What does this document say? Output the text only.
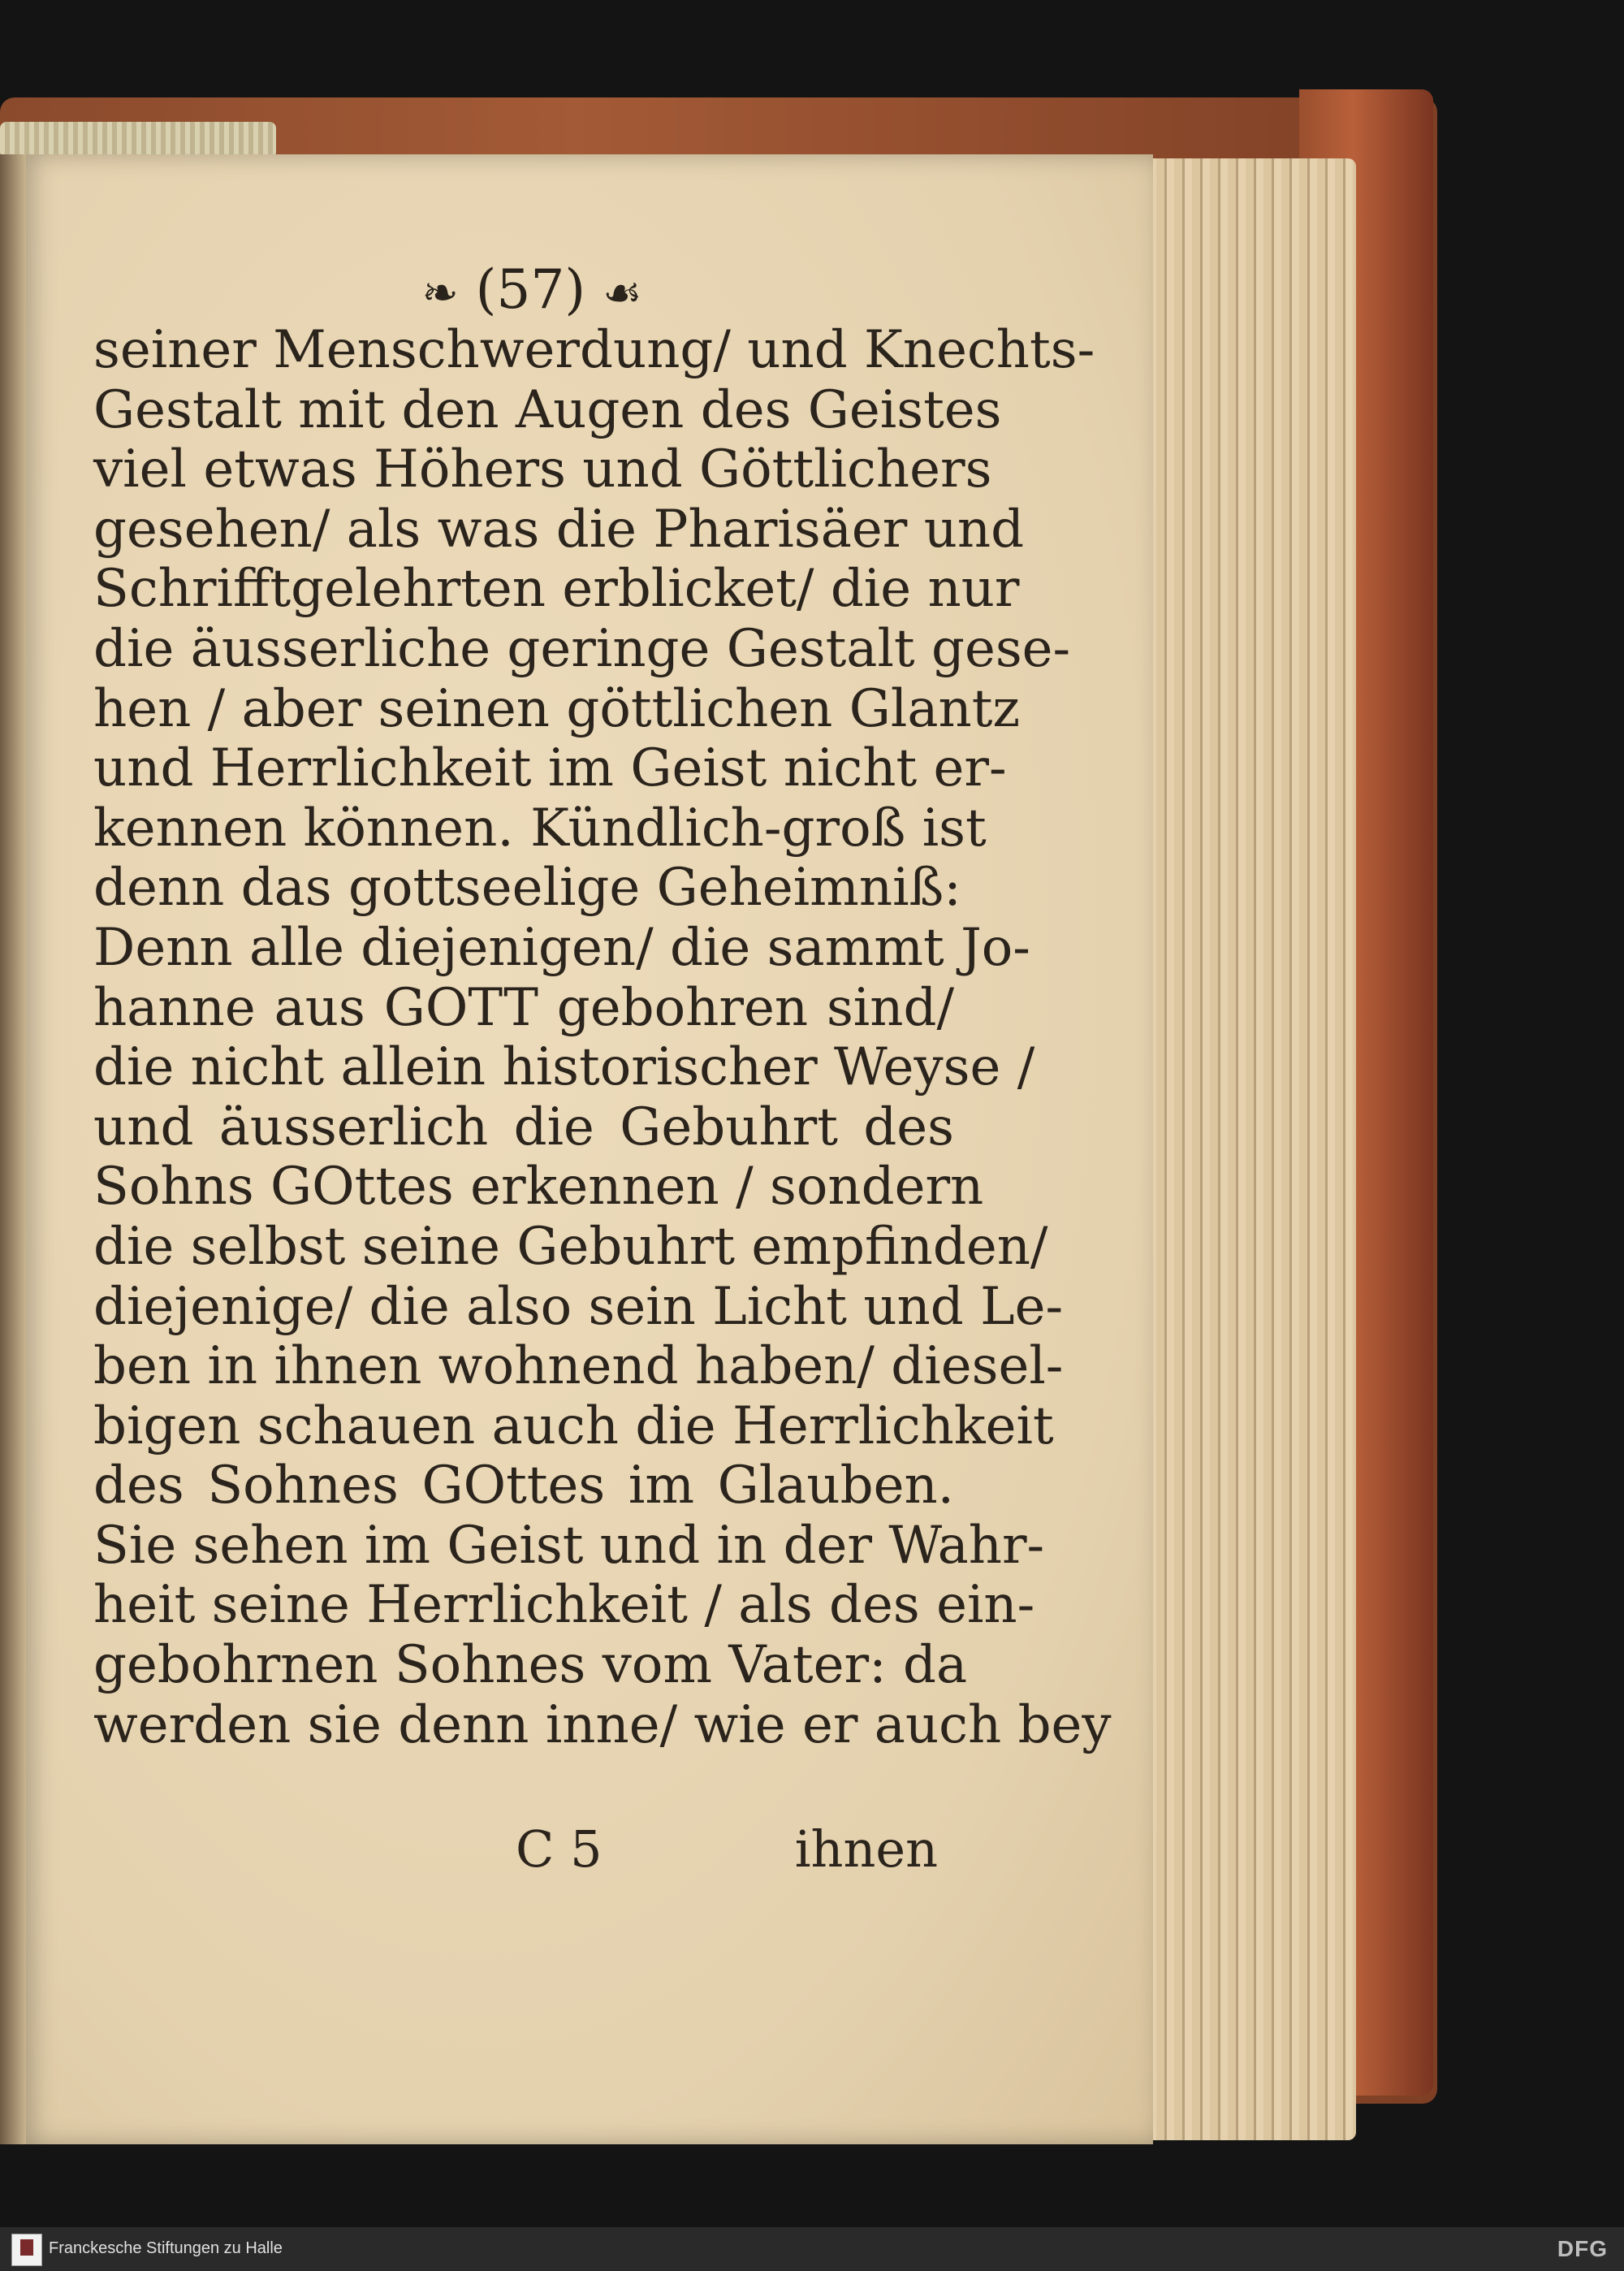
❧ (57) ☙
seiner Menschwerdung/ und Knechts-
Gestalt mit den Augen des Geistes
viel etwas Höhers und Göttlichers
gesehen/ als was die Pharisäer und
Schrifftgelehrten erblicket/ die nur
die äusserliche geringe Gestalt gese-
hen / aber seinen göttlichen Glantz
und Herrlichkeit im Geist nicht er-
kennen können. Kündlich-groß ist
denn das gottseelige Geheimniß:
Denn alle diejenigen/ die sammt Jo-
hanne aus GOTT gebohren sind/
die nicht allein historischer Weyse /
und äusserlich die Gebuhrt des
Sohns GOttes erkennen / sondern
die selbst seine Gebuhrt empfinden/
diejenige/ die also sein Licht und Le-
ben in ihnen wohnend haben/ diesel-
bigen schauen auch die Herrlichkeit
des Sohnes GOttes im Glauben.
Sie sehen im Geist und in der Wahr-
heit seine Herrlichkeit / als des ein-
gebohrnen Sohnes vom Vater: da
werden sie denn inne/ wie er auch bey
C 5	ihnen
Franckesche Stiftungen zu Halle	DFG
